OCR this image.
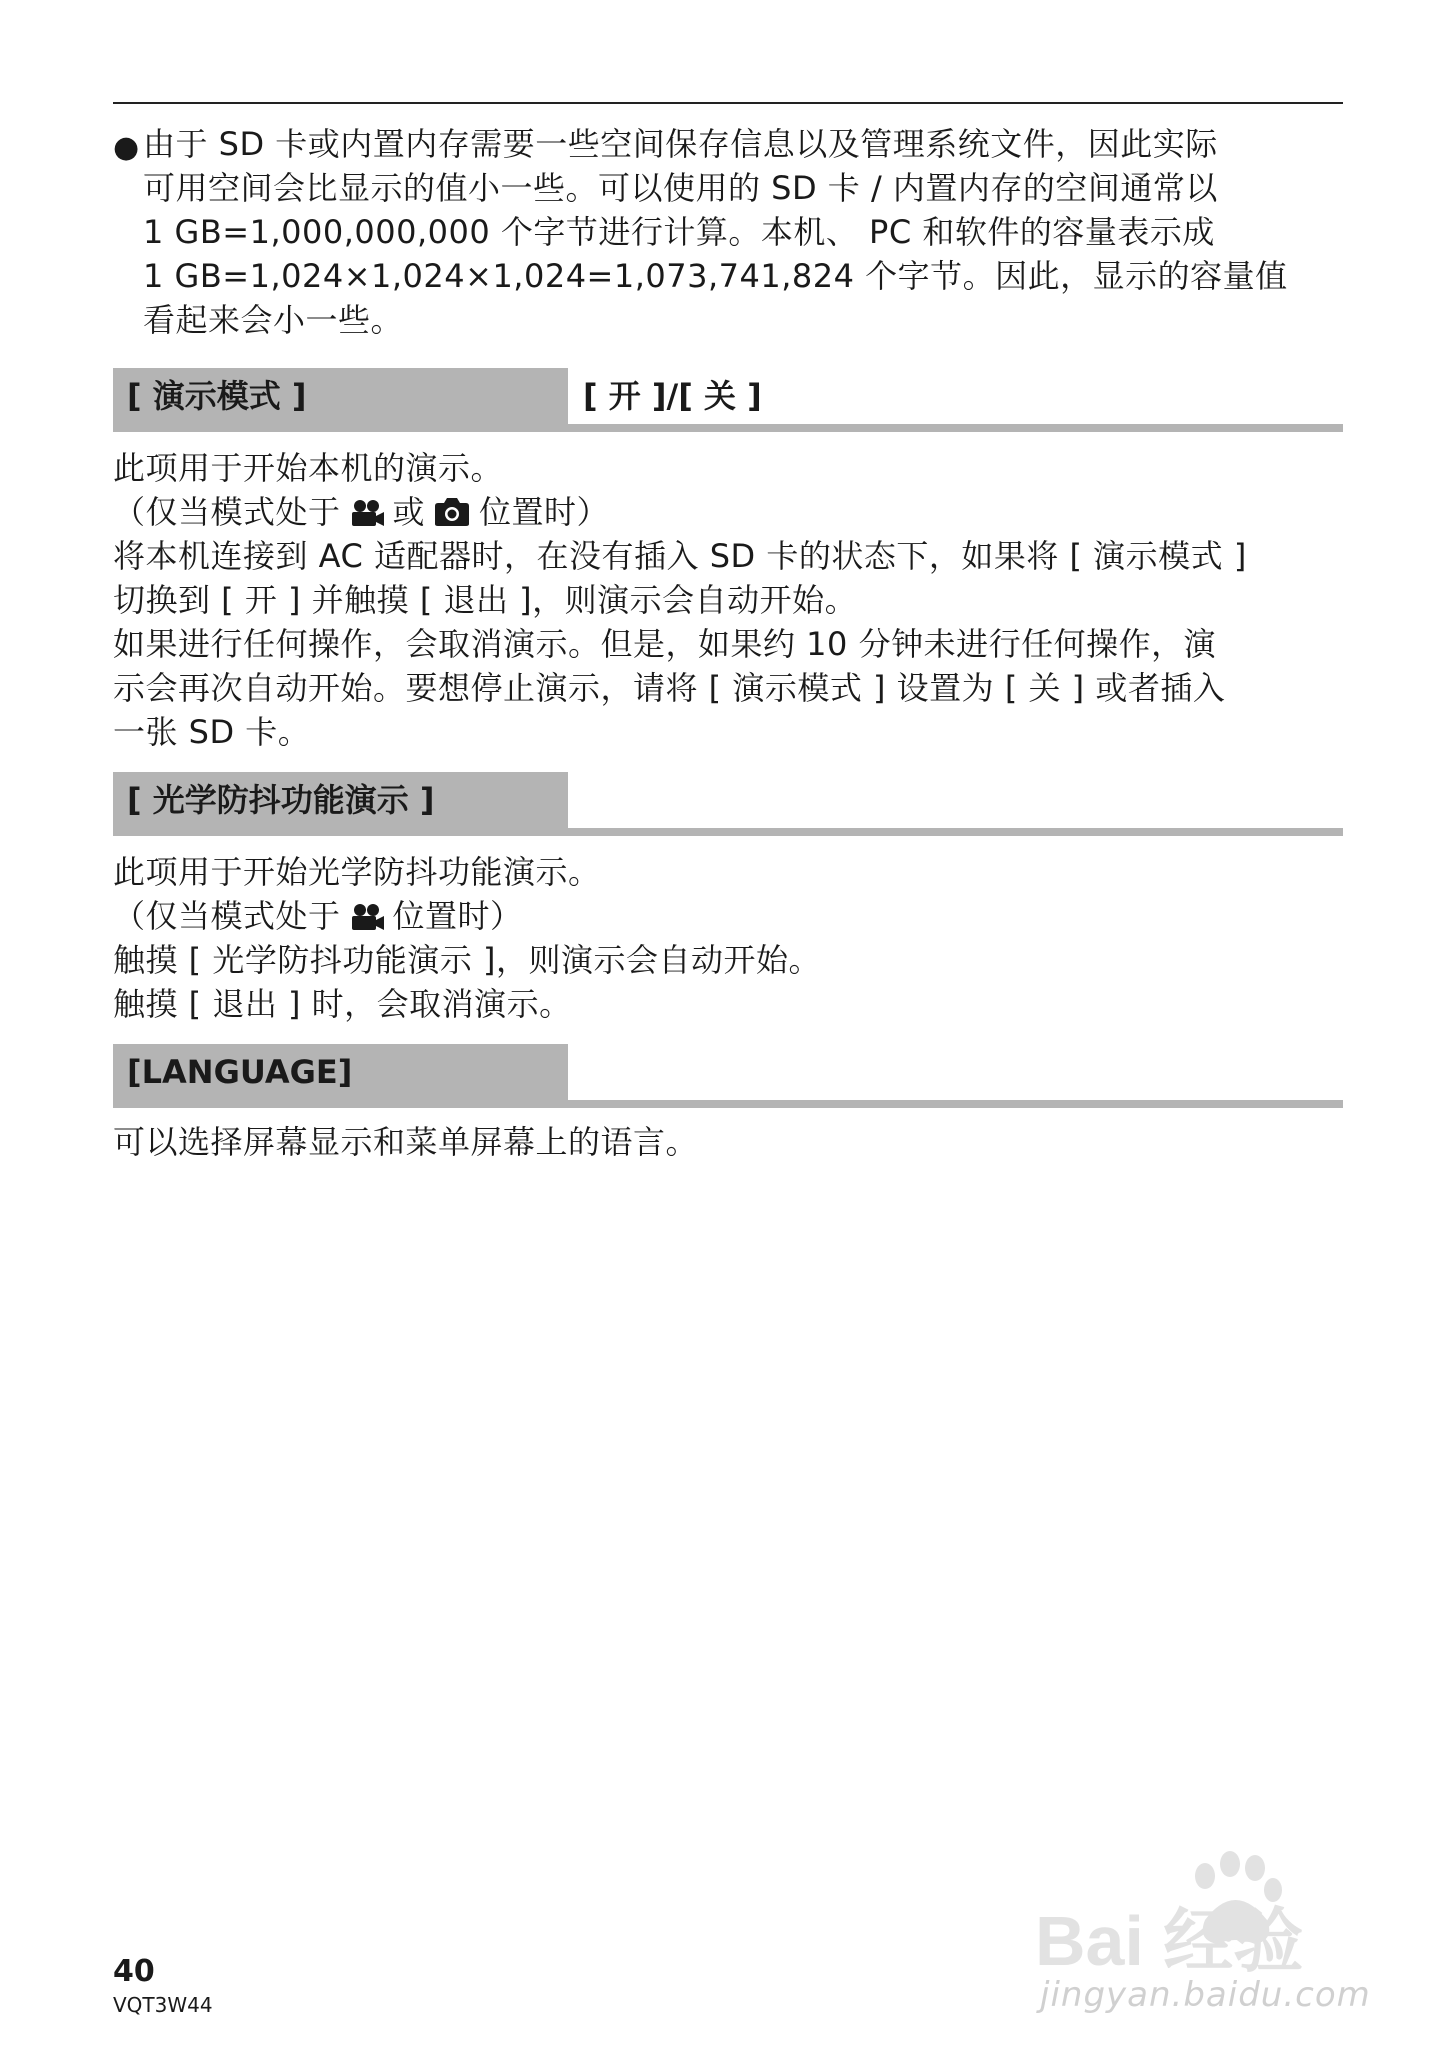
● 由于 SD 卡或内置内存需要一些空间保存信息以及管理系统文件，因此实际
可用空间会比显示的值小一些。可以使用的 SD 卡 / 内置内存的空间通常以
1 GB=1,000,000,000 个字节进行计算。本机、 PC 和软件的容量表示成
1 GB=1,024×1,024×1,024=1,073,741,824 个字节。因此，显示的容量值
看起来会小一些。
[ 演示模式 ]	[ 开 ]/[ 关 ]
此项用于开始本机的演示。
（仅当模式处于 或 位置时）
将本机连接到 AC 适配器时，在没有插入 SD 卡的状态下，如果将 [ 演示模式 ]
切换到 [ 开 ] 并触摸 [ 退出 ]，则演示会自动开始。
如果进行任何操作，会取消演示。但是，如果约 10 分钟未进行任何操作，演
示会再次自动开始。要想停止演示，请将 [ 演示模式 ] 设置为 [ 关 ] 或者插入
一张 SD 卡。
[ 光学防抖功能演示 ]
此项用于开始光学防抖功能演示。
（仅当模式处于 位置时）
触摸 [ 光学防抖功能演示 ]，则演示会自动开始。
触摸 [ 退出 ] 时，会取消演示。
[LANGUAGE]
可以选择屏幕显示和菜单屏幕上的语言。
40
VQT3W44
Bai 经验
jingyan.baidu.com
